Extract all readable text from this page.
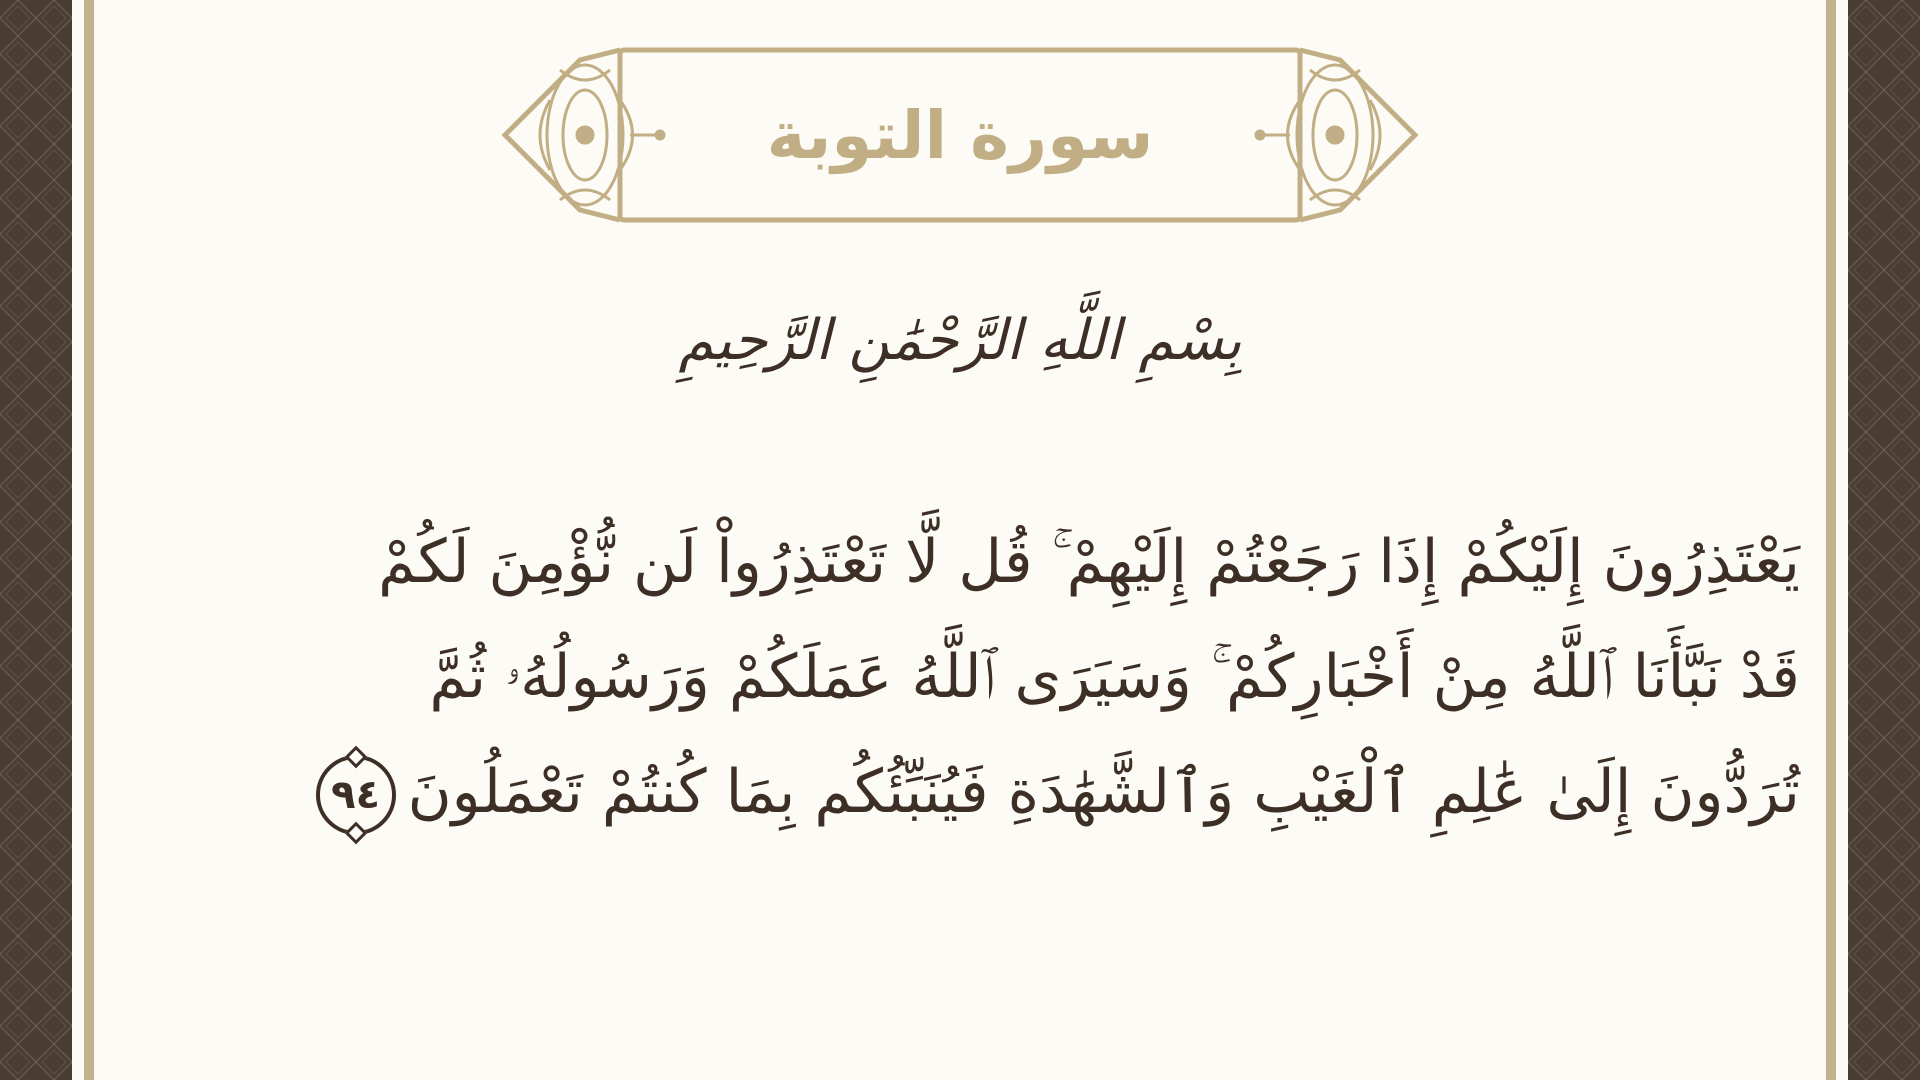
سورة التوبة
بِسْمِ اللَّهِ الرَّحْمَٰنِ الرَّحِيمِ
يَعْتَذِرُونَ إِلَيْكُمْ إِذَا رَجَعْتُمْ إِلَيْهِمْ ۚ قُل لَّا تَعْتَذِرُواْ لَن نُّؤْمِنَ لَكُمْ
قَدْ نَبَّأَنَا ٱللَّهُ مِنْ أَخْبَارِكُمْ ۚ وَسَيَرَى ٱللَّهُ عَمَلَكُمْ وَرَسُولُهُۥ ثُمَّ
تُرَدُّونَ إِلَىٰ عَٰلِمِ ٱلْغَيْبِ وَٱلشَّهَٰدَةِ فَيُنَبِّئُكُم بِمَا كُنتُمْ تَعْمَلُونَ٩٤
